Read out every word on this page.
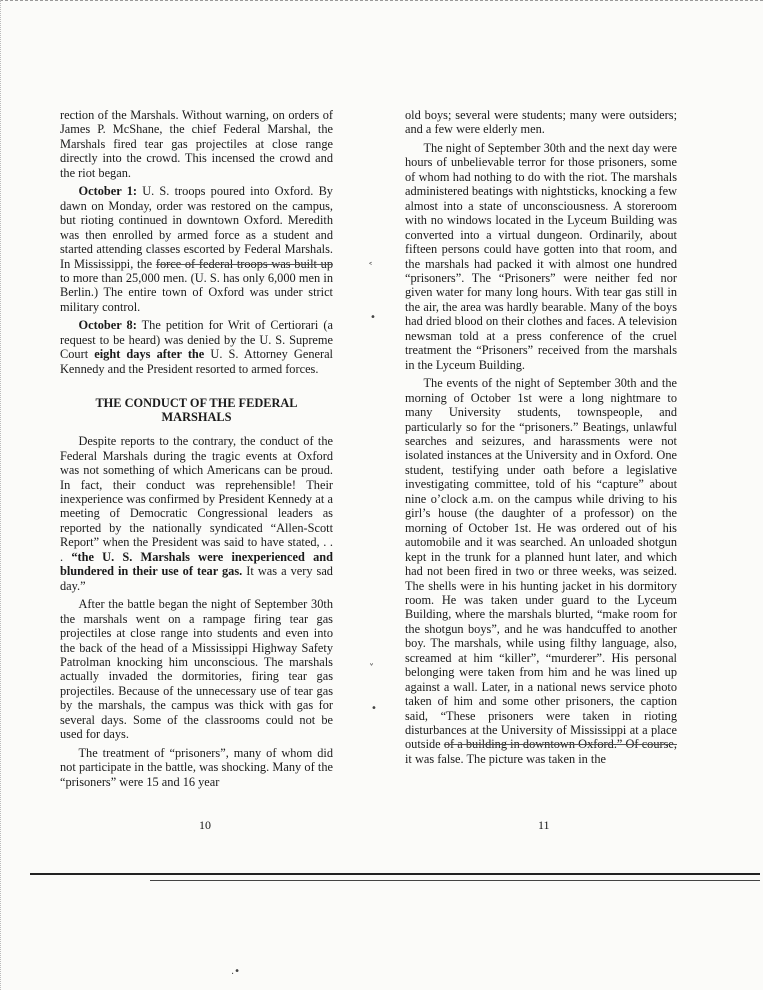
rection of the Marshals. Without warning, on orders of James P. McShane, the chief Federal Marshal, the Marshals fired tear gas projectiles at close range directly into the crowd. This incensed the crowd and the riot began.

October 1: U. S. troops poured into Oxford. By dawn on Monday, order was restored on the campus, but rioting continued in downtown Oxford. Meredith was then enrolled by armed force as a student and started attending classes escorted by Federal Marshals. In Mississippi, the force of federal troops was built up to more than 25,000 men. (U. S. has only 6,000 men in Berlin.) The entire town of Oxford was under strict military control.

October 8: The petition for Writ of Certiorari (a request to be heard) was denied by the U. S. Supreme Court eight days after the U. S. Attorney General Kennedy and the President resorted to armed forces.

THE CONDUCT OF THE FEDERAL MARSHALS

Despite reports to the contrary, the conduct of the Federal Marshals during the tragic events at Oxford was not something of which Americans can be proud. In fact, their conduct was reprehensible! Their inexperience was confirmed by President Kennedy at a meeting of Democratic Congressional leaders as reported by the nationally syndicated “Allen-Scott Report” when the President was said to have stated, . . . “the U. S. Marshals were inexperienced and blundered in their use of tear gas. It was a very sad day.”

After the battle began the night of September 30th the marshals went on a rampage firing tear gas projectiles at close range into students and even into the back of the head of a Mississippi Highway Safety Patrolman knocking him unconscious. The marshals actually invaded the dormitories, firing tear gas projectiles. Because of the unnecessary use of tear gas by the marshals, the campus was thick with gas for several days. Some of the classrooms could not be used for days.

The treatment of “prisoners”, many of whom did not participate in the battle, was shocking. Many of the “prisoners” were 15 and 16 year

old boys; several were students; many were outsiders; and a few were elderly men.

The night of September 30th and the next day were hours of unbelievable terror for those prisoners, some of whom had nothing to do with the riot. The marshals administered beatings with nightsticks, knocking a few almost into a state of unconsciousness. A storeroom with no windows located in the Lyceum Building was converted into a virtual dungeon. Ordinarily, about fifteen persons could have gotten into that room, and the marshals had packed it with almost one hundred “prisoners”. The “Prisoners” were neither fed nor given water for many long hours. With tear gas still in the air, the area was hardly bearable. Many of the boys had dried blood on their clothes and faces. A television newsman told at a press conference of the cruel treatment the “Prisoners” received from the marshals in the Lyceum Building.

The events of the night of September 30th and the morning of October 1st were a long nightmare to many University students, townspeople, and particularly so for the “prisoners.” Beatings, unlawful searches and seizures, and harassments were not isolated instances at the University and in Oxford. One student, testifying under oath before a legislative investigating committee, told of his “capture” about nine o’clock a.m. on the campus while driving to his girl’s house (the daughter of a professor) on the morning of October 1st. He was ordered out of his automobile and it was searched. An unloaded shotgun kept in the trunk for a planned hunt later, and which had not been fired in two or three weeks, was seized. The shells were in his hunting jacket in his dormitory room. He was taken under guard to the Lyceum Building, where the marshals blurted, “make room for the shotgun boys”, and he was handcuffed to another boy. The marshals, while using filthy language, also, screamed at him “killer”, “murderer”. His personal belonging were taken from him and he was lined up against a wall. Later, in a national news service photo taken of him and some other prisoners, the caption said, “These prisoners were taken in rioting disturbances at the University of Mississippi at a place outside of a building in downtown Oxford.” Of course, it was false. The picture was taken in the

˂
•
˅
•
.•
10	11
